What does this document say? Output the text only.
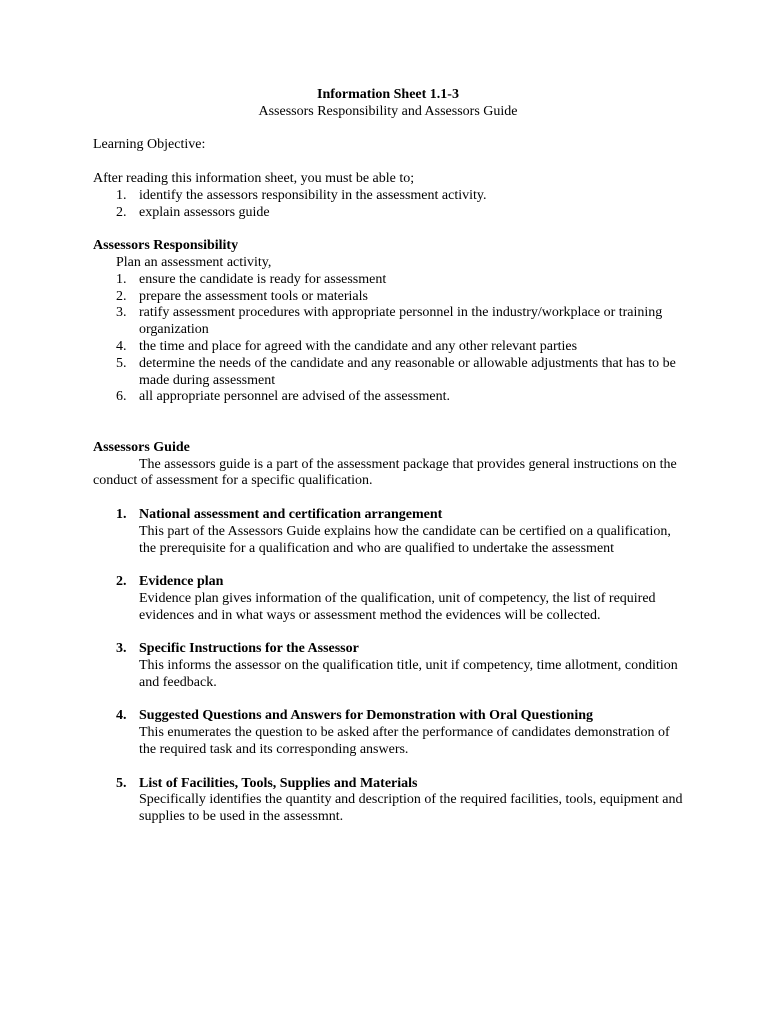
Information Sheet 1.1-3

Assessors Responsibility and Assessors Guide

Learning Objective:

After reading this information sheet, you must be able to;

1. identify the assessors responsibility in the assessment activity.
2. explain assessors guide

Assessors Responsibility

Plan an assessment activity,

1. ensure the candidate is ready for assessment
2. prepare the assessment tools or materials
3. ratify assessment procedures with appropriate personnel in the industry/workplace or training organization
4. the time and place for agreed with the candidate and any other relevant parties
5. determine the needs of the candidate and any reasonable or allowable adjustments that has to be made during assessment
6. all appropriate personnel are advised of the assessment.

Assessors Guide

The assessors guide is a part of the assessment package that provides general instructions on the conduct of assessment for a specific qualification.

1. National assessment and certification arrangement
This part of the Assessors Guide explains how the candidate can be certified on a qualification, the prerequisite for a qualification and who are qualified to undertake the assessment
2. Evidence plan
Evidence plan gives information of the qualification, unit of competency, the list of required evidences and in what ways or assessment method the evidences will be collected.
3. Specific Instructions for the Assessor
This informs the assessor on the qualification title, unit if competency, time allotment, condition and feedback.
4. Suggested Questions and Answers for Demonstration with Oral Questioning
This enumerates the question to be asked after the performance of candidates demonstration of the required task and its corresponding answers.
5. List of Facilities, Tools, Supplies and Materials
Specifically identifies the quantity and description of the required facilities, tools, equipment and supplies to be used in the assessmnt.
